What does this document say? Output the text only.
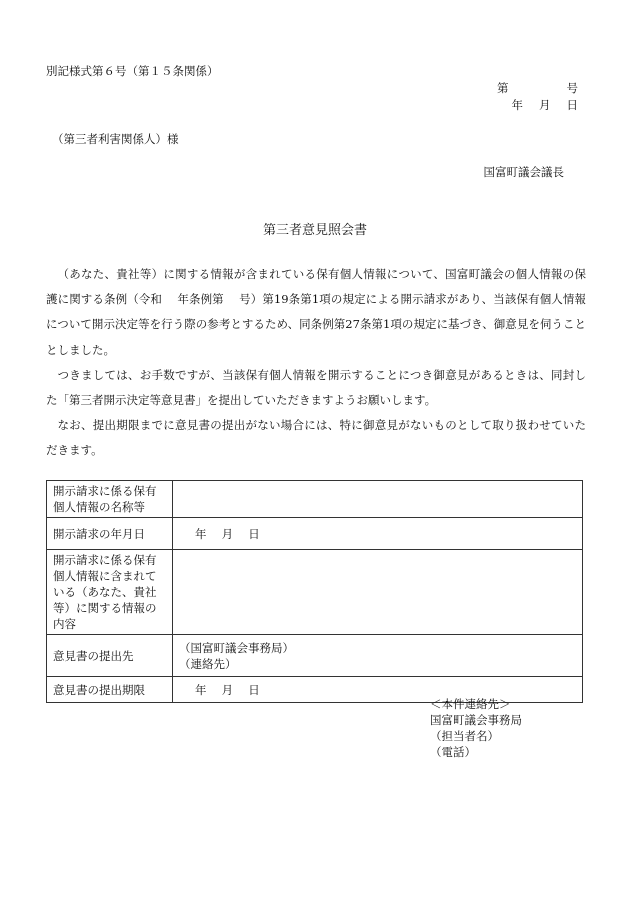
別記様式第６号（第１５条関係）
第	号
年 月 日
（第三者利害関係人）様
国富町議会議長
第三者意見照会書

（あなた、貴社等）に関する情報が含まれている保有個人情報について、国富町議会の個人情報の保護に関する条例（令和　 年条例第　 号）第19条第1項の規定による開示請求があり、当該保有個人情報について開示決定等を行う際の参考とするため、同条例第27条第1項の規定に基づき、御意見を伺うこととしました。

つきましては、お手数ですが、当該保有個人情報を開示することにつき御意見があるときは、同封した「第三者開示決定等意見書」を提出していただきますようお願いします。

なお、提出期限までに意見書の提出がない場合には、特に御意見がないものとして取り扱わせていただきます。

開示請求に係る保有個人情報の名称等	
開示請求の年月日	年　 月　 日
開示請求に係る保有個人情報に含まれている（あなた、貴社等）に関する情報の内容	
意見書の提出先	（国富町議会事務局）
（連絡先）

意見書の提出期限	年　 月　 日
＜本件連絡先＞
国富町議会事務局
（担当者名）
（電話）
